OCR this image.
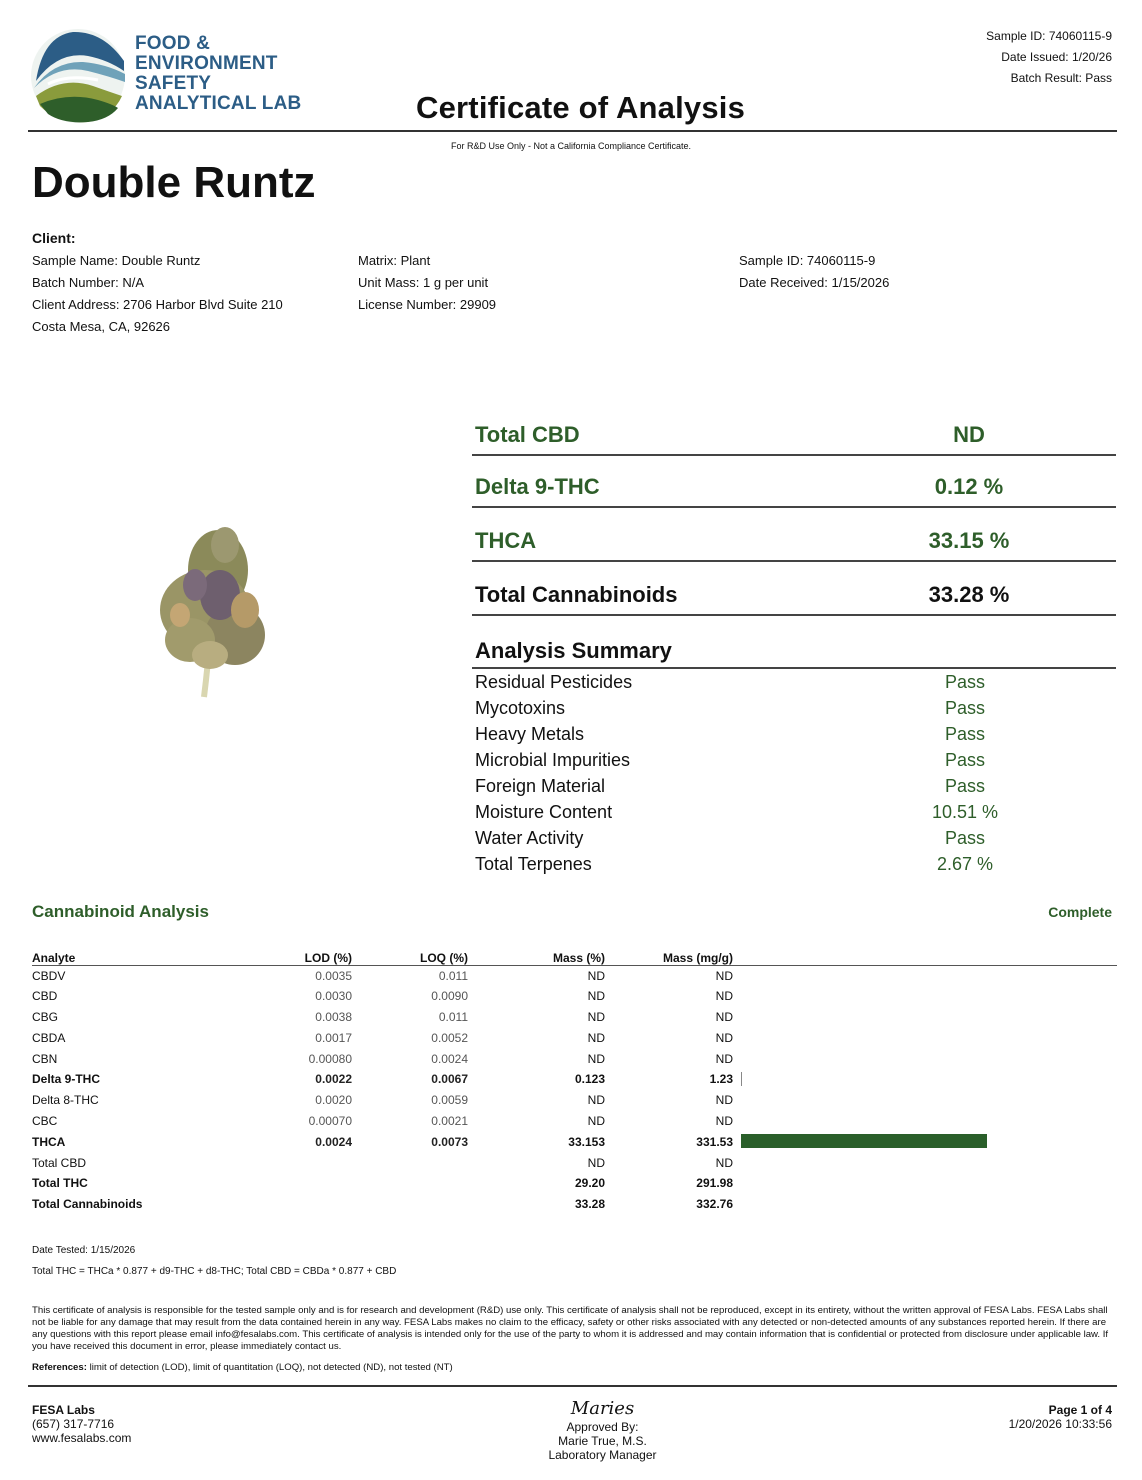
FOOD &
ENVIRONMENT
SAFETY
ANALYTICAL LAB	Certificate of Analysis
Sample ID: 74060115-9
Date Issued: 1/20/26
Batch Result: Pass
For R&D Use Only - Not a California Compliance Certificate.
Double Runtz
Client:
Sample Name: Double Runtz
Batch Number: N/A
Client Address: 2706 Harbor Blvd Suite 210
Costa Mesa, CA, 92626
Matrix: Plant
Unit Mass: 1 g per unit
License Number: 29909
Sample ID: 74060115-9
Date Received: 1/15/2026
Total CBD	ND
Delta 9-THC	0.12 %
THCA	33.15 %
Total Cannabinoids	33.28 %
Analysis Summary
Residual Pesticides	Pass
Mycotoxins	Pass
Heavy Metals	Pass
Microbial Impurities	Pass
Foreign Material	Pass
Moisture Content	10.51 %
Water Activity	Pass
Total Terpenes	2.67 %
Cannabinoid Analysis	Complete
Analyte	LOD (%)	LOQ (%)	Mass (%)	Mass (mg/g)	
CBDV	0.0035	0.011	ND	ND	
CBD	0.0030	0.0090	ND	ND	
CBG	0.0038	0.011	ND	ND	
CBDA	0.0017	0.0052	ND	ND	
CBN	0.00080	0.0024	ND	ND	
Delta 9-THC	0.0022	0.0067	0.123	1.23	

Delta 8-THC	0.0020	0.0059	ND	ND	
CBC	0.00070	0.0021	ND	ND	
THCA	0.0024	0.0073	33.153	331.53	

Total CBD			ND	ND	
Total THC			29.20	291.98	
Total Cannabinoids			33.28	332.76	
Date Tested: 1/15/2026
Total THC = THCa * 0.877 + d9-THC + d8-THC; Total CBD = CBDa * 0.877 + CBD
This certificate of analysis is responsible for the tested sample only and is for research and development (R&D) use only. This certificate of analysis shall not be reproduced, except in its entirety, without the written approval of FESA Labs. FESA Labs shall not be liable for any damage that may result from the data contained herein in any way. FESA Labs makes no claim to the efficacy, safety or other risks associated with any detected or non-detected amounts of any substances reported herein. If there are any questions with this report please email info@fesalabs.com. This certificate of analysis is intended only for the use of the party to whom it is addressed and may contain information that is confidential or protected from disclosure under applicable law. If you have received this document in error, please immediately contact us.
References: limit of detection (LOD), limit of quantitation (LOQ), not detected (ND), not tested (NT)
FESA Labs
(657) 317-7716
www.fesalabs.com
Maries
Approved By:
Marie True, M.S.
Laboratory Manager
Page 1 of 4
1/20/2026 10:33:56
